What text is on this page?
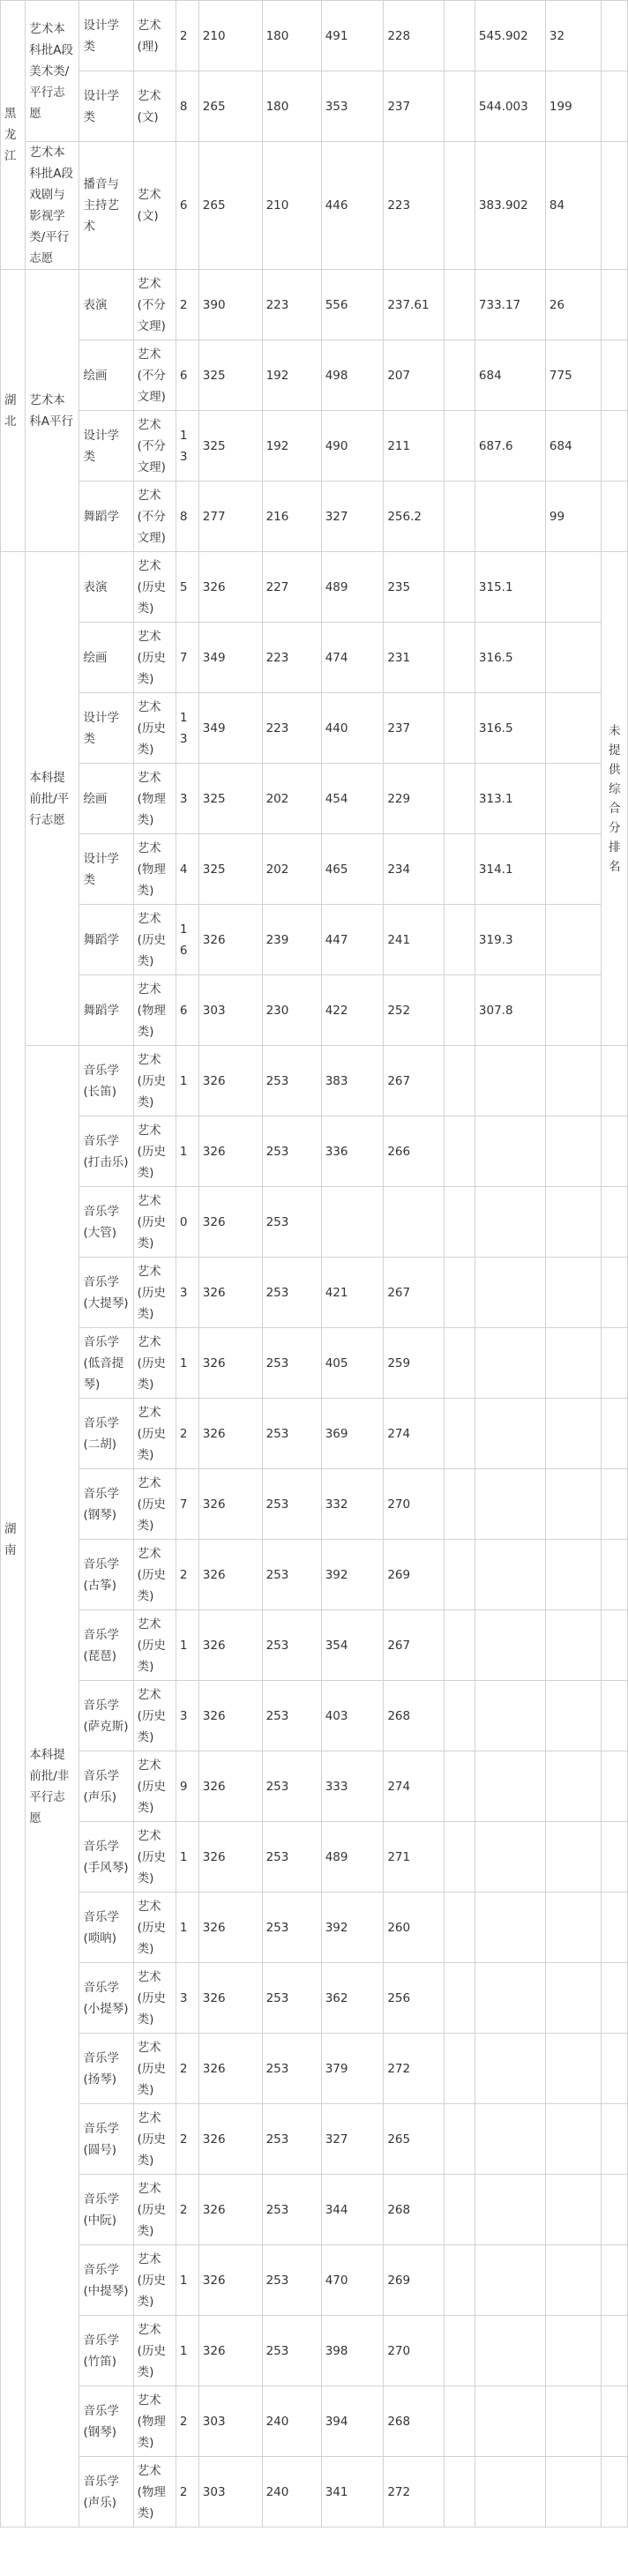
黑龙江	艺术本科批A段美术类/平行志愿	设计学类	艺术(理)	2	210	180	491	228		545.902	32	
		设计学类	艺术(文)	8	265	180	353	237		544.003	199	
	艺术本科批A段戏剧与影视学类/平行志愿	播音与主持艺术	艺术(文)	6	265	210	446	223		383.902	84	
湖北	艺术本科A平行	表演	艺术(不分文理)	2	390	223	556	237.61		733.17	26	
		绘画	艺术(不分文理)	6	325	192	498	207		684	775	
		设计学类	艺术(不分文理)	13	325	192	490	211		687.6	684	
		舞蹈学	艺术(不分文理)	8	277	216	327	256.2			99	
湖南	本科提前批/平行志愿	表演	艺术(历史类)	5	326	227	489	235		315.1		未提供综合分排名
		绘画	艺术(历史类)	7	349	223	474	231		316.5		
		设计学类	艺术(历史类)	13	349	223	440	237		316.5		
		绘画	艺术(物理类)	3	325	202	454	229		313.1		
		设计学类	艺术(物理类)	4	325	202	465	234		314.1		
		舞蹈学	艺术(历史类)	16	326	239	447	241		319.3		
		舞蹈学	艺术(物理类)	6	303	230	422	252		307.8		
	本科提前批/非平行志愿	音乐学(长笛)	艺术(历史类)	1	326	253	383	267				
		音乐学(打击乐)	艺术(历史类)	1	326	253	336	266				
		音乐学(大管)	艺术(历史类)	0	326	253						
		音乐学(大提琴)	艺术(历史类)	3	326	253	421	267				
		音乐学(低音提琴)	艺术(历史类)	1	326	253	405	259				
		音乐学(二胡)	艺术(历史类)	2	326	253	369	274				
		音乐学(钢琴)	艺术(历史类)	7	326	253	332	270				
		音乐学(古筝)	艺术(历史类)	2	326	253	392	269				
		音乐学(琵琶)	艺术(历史类)	1	326	253	354	267				
		音乐学(萨克斯)	艺术(历史类)	3	326	253	403	268				
		音乐学(声乐)	艺术(历史类)	9	326	253	333	274				
		音乐学(手风琴)	艺术(历史类)	1	326	253	489	271				
		音乐学(唢呐)	艺术(历史类)	1	326	253	392	260				
		音乐学(小提琴)	艺术(历史类)	3	326	253	362	256				
		音乐学(扬琴)	艺术(历史类)	2	326	253	379	272				
		音乐学(圆号)	艺术(历史类)	2	326	253	327	265				
		音乐学(中阮)	艺术(历史类)	2	326	253	344	268				
		音乐学(中提琴)	艺术(历史类)	1	326	253	470	269				
		音乐学(竹笛)	艺术(历史类)	1	326	253	398	270				
		音乐学(钢琴)	艺术(物理类)	2	303	240	394	268				
		音乐学(声乐)	艺术(物理类)	2	303	240	341	272				
